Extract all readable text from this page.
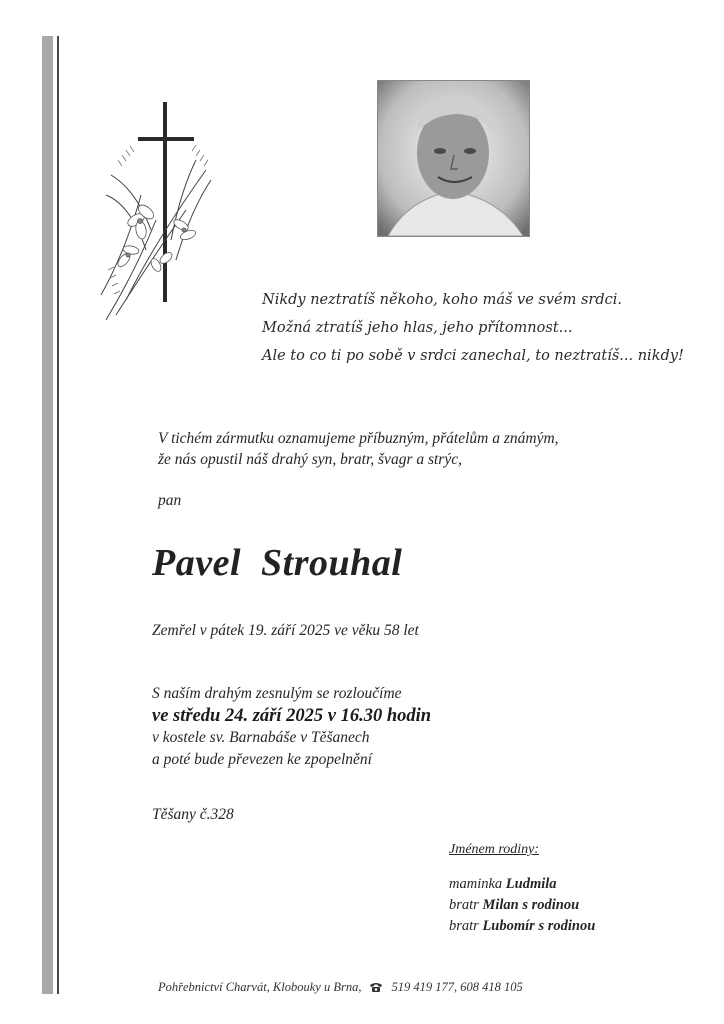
Nikdy neztratíš někoho, koho máš ve svém srdci.
Možná ztratíš jeho hlas, jeho přítomnost...
Ale to co ti po sobě v srdci zanechal, to neztratíš... nikdy!
V tichém zármutku oznamujeme příbuzným, přátelům a známým,
že nás opustil náš drahý syn, bratr, švagr a strýc,
pan
Pavel  Strouhal
Zemřel v pátek 19. září 2025 ve věku 58 let
S naším drahým zesnulým se rozloučíme
ve středu 24. září 2025 v 16.30 hodin
v kostele sv. Barnabáše v Těšanech
a poté bude převezen ke zpopelnění
Těšany č.328
Jménem rodiny:
maminka Ludmila
bratr Milan s rodinou
bratr Lubomír s rodinou
Pohřebnictví Charvát, Klobouky u Brna, 519 419 177, 608 418 105
